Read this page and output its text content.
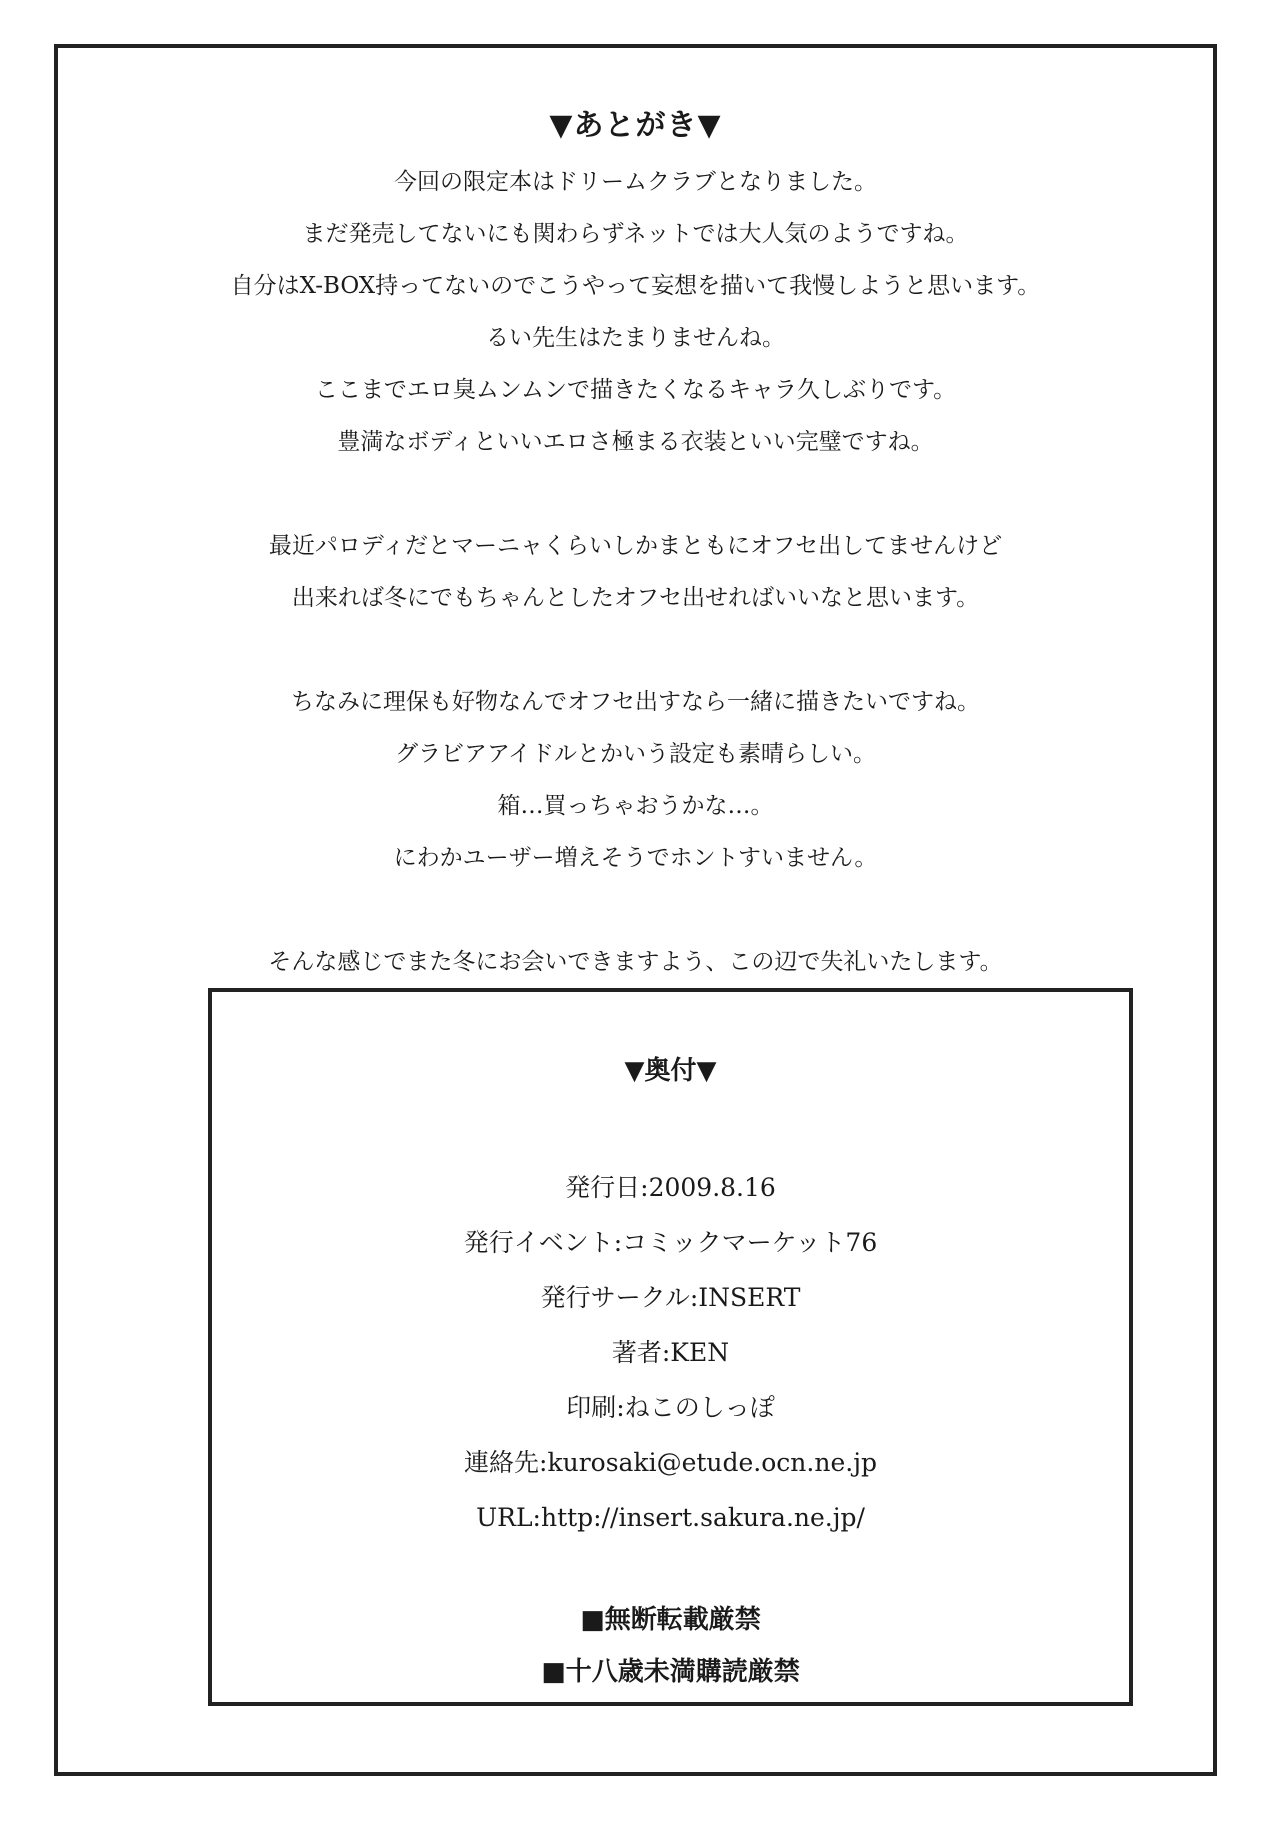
▼あとがき▼
今回の限定本はドリームクラブとなりました。
まだ発売してないにも関わらずネットでは大人気のようですね。
自分はX-BOX持ってないのでこうやって妄想を描いて我慢しようと思います。
るい先生はたまりませんね。
ここまでエロ臭ムンムンで描きたくなるキャラ久しぶりです。
豊満なボディといいエロさ極まる衣装といい完璧ですね。
最近パロディだとマーニャくらいしかまともにオフセ出してませんけど
出来れば冬にでもちゃんとしたオフセ出せればいいなと思います。
ちなみに理保も好物なんでオフセ出すなら一緒に描きたいですね。
グラビアアイドルとかいう設定も素晴らしい。
箱…買っちゃおうかな…。
にわかユーザー増えそうでホントすいません。
そんな感じでまた冬にお会いできますよう、この辺で失礼いたします。
▼奥付▼
発行日:2009.8.16
発行イベント:コミックマーケット76
発行サークル:INSERT
著者:KEN
印刷:ねこのしっぽ
連絡先:kurosaki@etude.ocn.ne.jp
URL:http://insert.sakura.ne.jp/
■無断転載厳禁
■十八歳未満購読厳禁
